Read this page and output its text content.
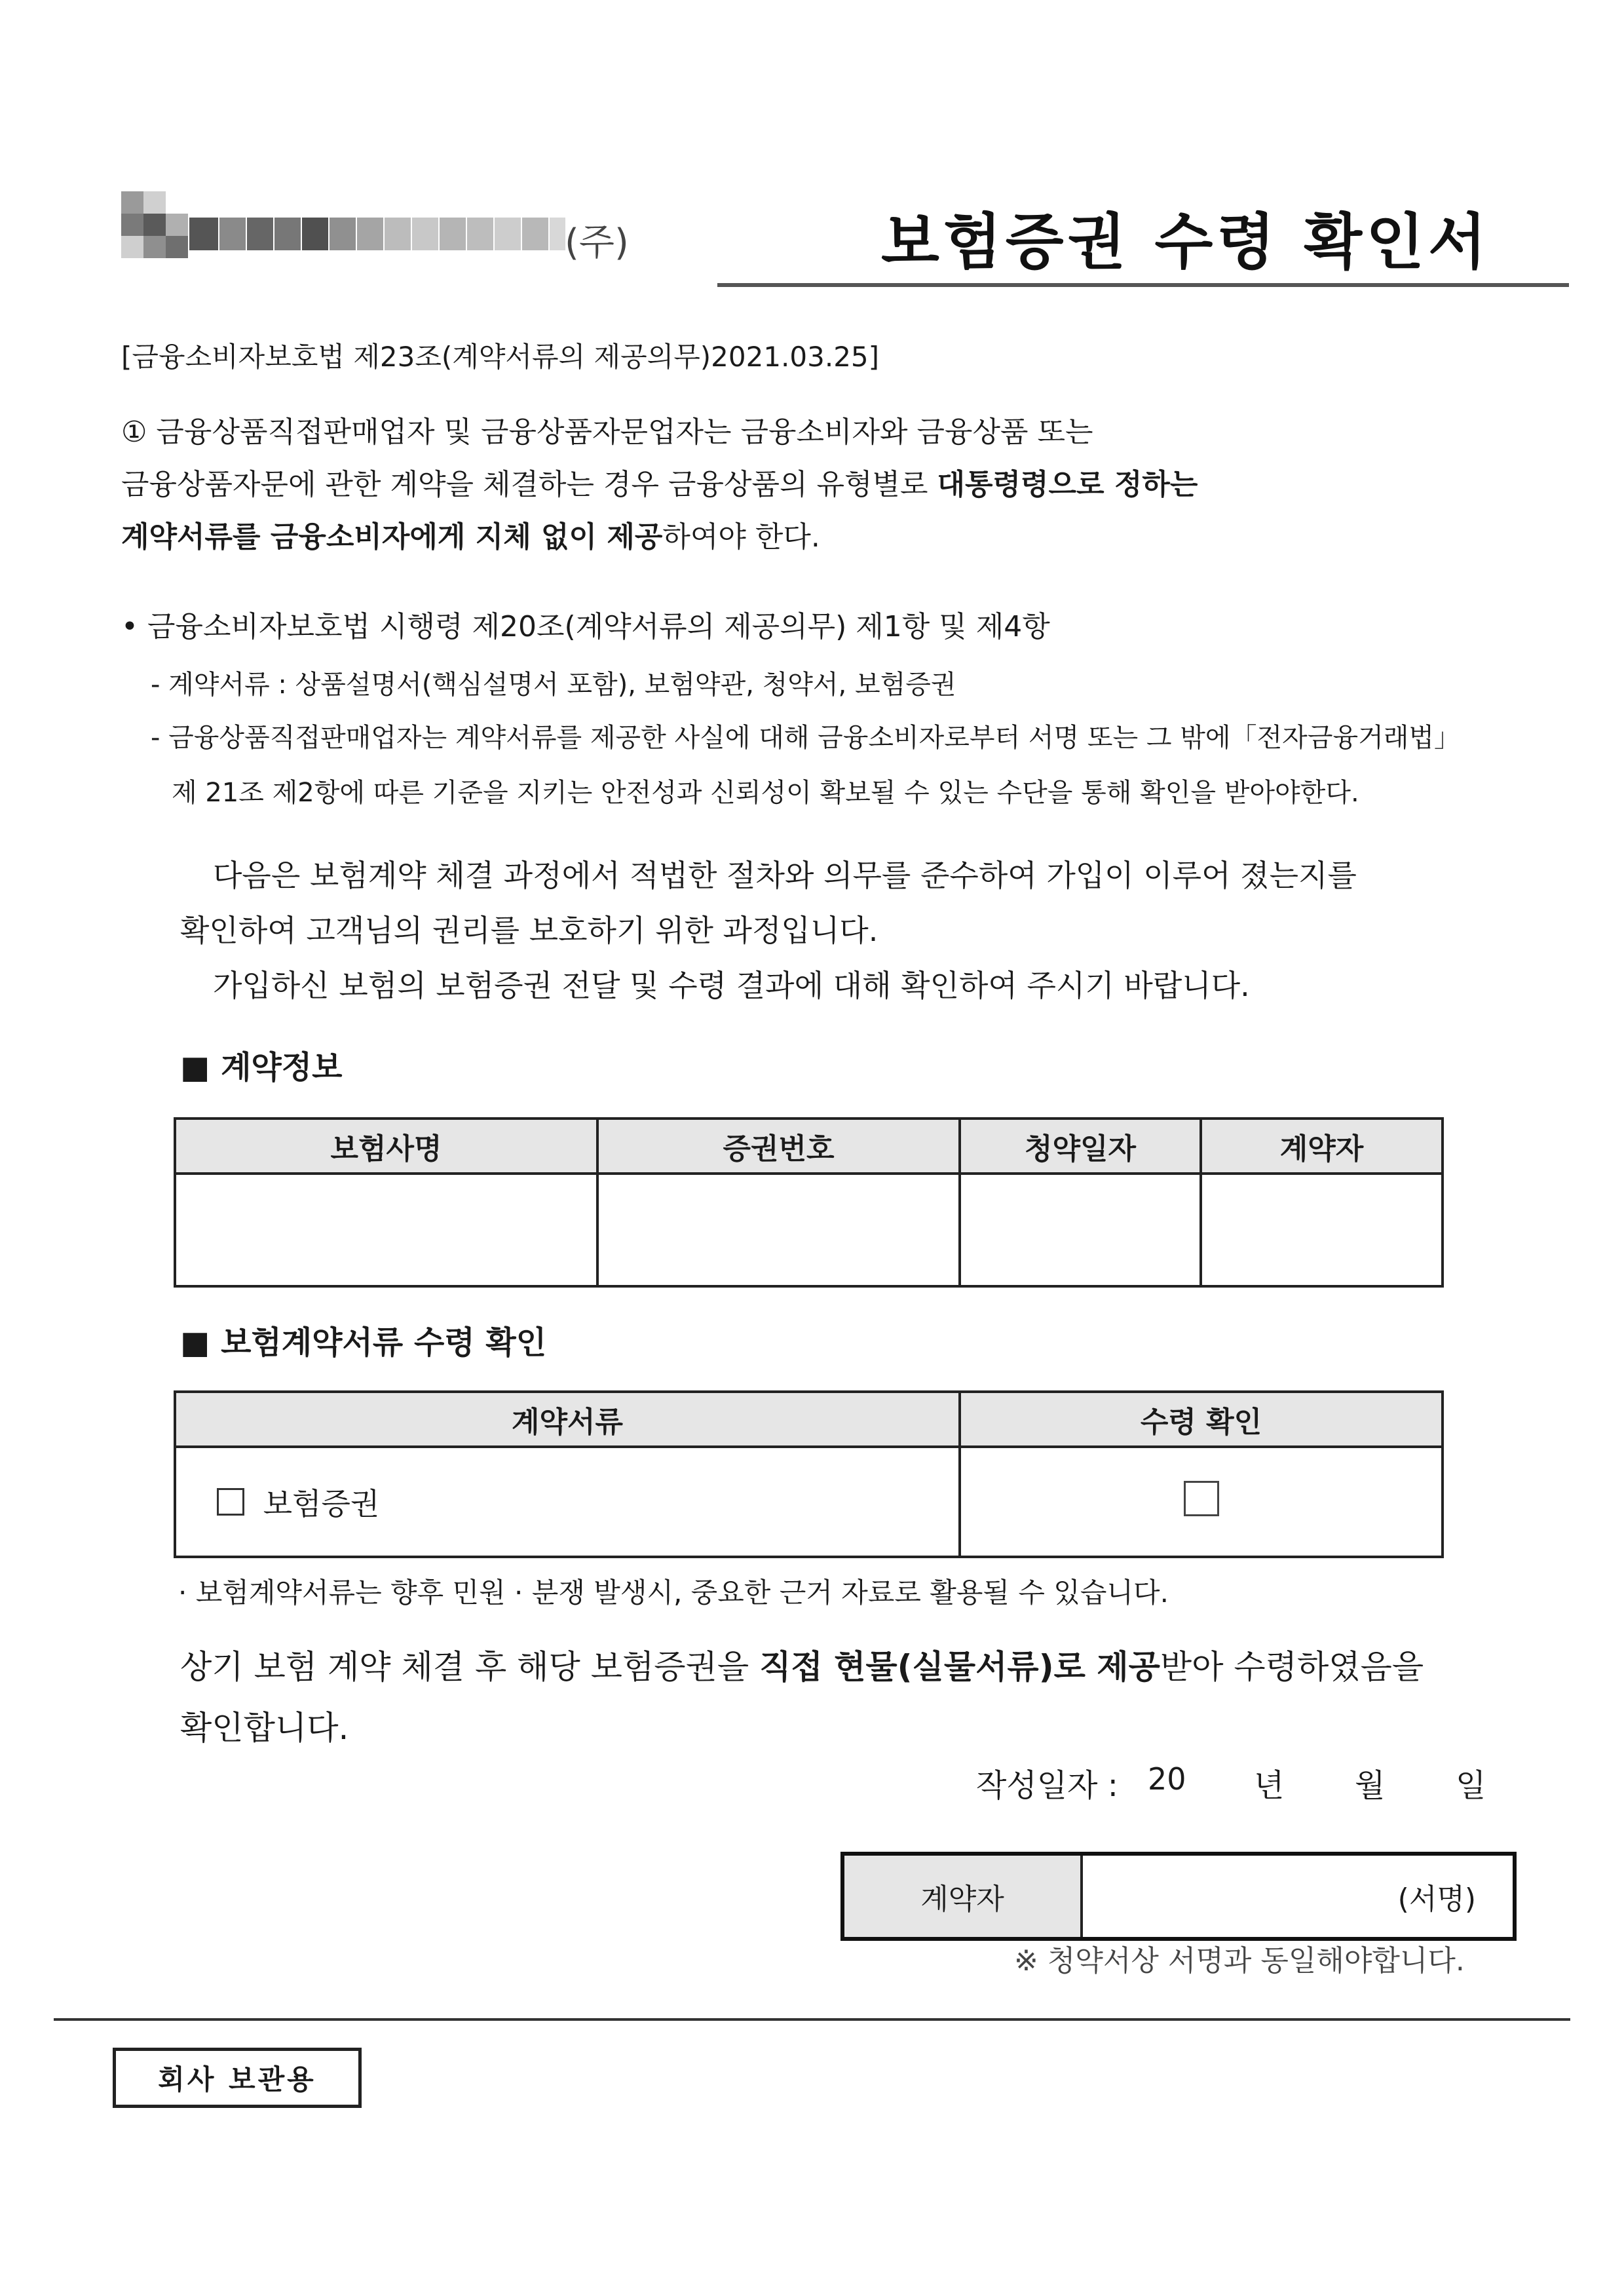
(주)	보험증권 수령 확인서
[금융소비자보호법 제23조(계약서류의 제공의무)2021.03.25]
① 금융상품직접판매업자 및 금융상품자문업자는 금융소비자와 금융상품 또는
금융상품자문에 관한 계약을 체결하는 경우 금융상품의 유형별로 대통령령으로 정하는
계약서류를 금융소비자에게 지체 없이 제공하여야 한다.
• 금융소비자보호법 시행령 제20조(계약서류의 제공의무) 제1항 및 제4항
- 계약서류 : 상품설명서(핵심설명서 포함), 보험약관, 청약서, 보험증권
- 금융상품직접판매업자는 계약서류를 제공한 사실에 대해 금융소비자로부터 서명 또는 그 밖에「전자금융거래법」
제 21조 제2항에 따른 기준을 지키는 안전성과 신뢰성이 확보될 수 있는 수단을 통해 확인을 받아야한다.
다음은 보험계약 체결 과정에서 적법한 절차와 의무를 준수하여 가입이 이루어 졌는지를
확인하여 고객님의 권리를 보호하기 위한 과정입니다.
가입하신 보험의 보험증권 전달 및 수령 결과에 대해 확인하여 주시기 바랍니다.
■ 계약정보
보험사명	증권번호	청약일자	계약자

■ 보험계약서류 수령 확인
계약서류	수령 확인
보험증권	
· 보험계약서류는 향후 민원 · 분쟁 발생시, 중요한 근거 자료로 활용될 수 있습니다.
상기 보험 계약 체결 후 해당 보험증권을 직접 현물(실물서류)로 제공받아 수령하였음을
확인합니다.
작성일자 : 20 년 월 일
계약자	(서명)
※ 청약서상 서명과 동일해야합니다.
회사 보관용
